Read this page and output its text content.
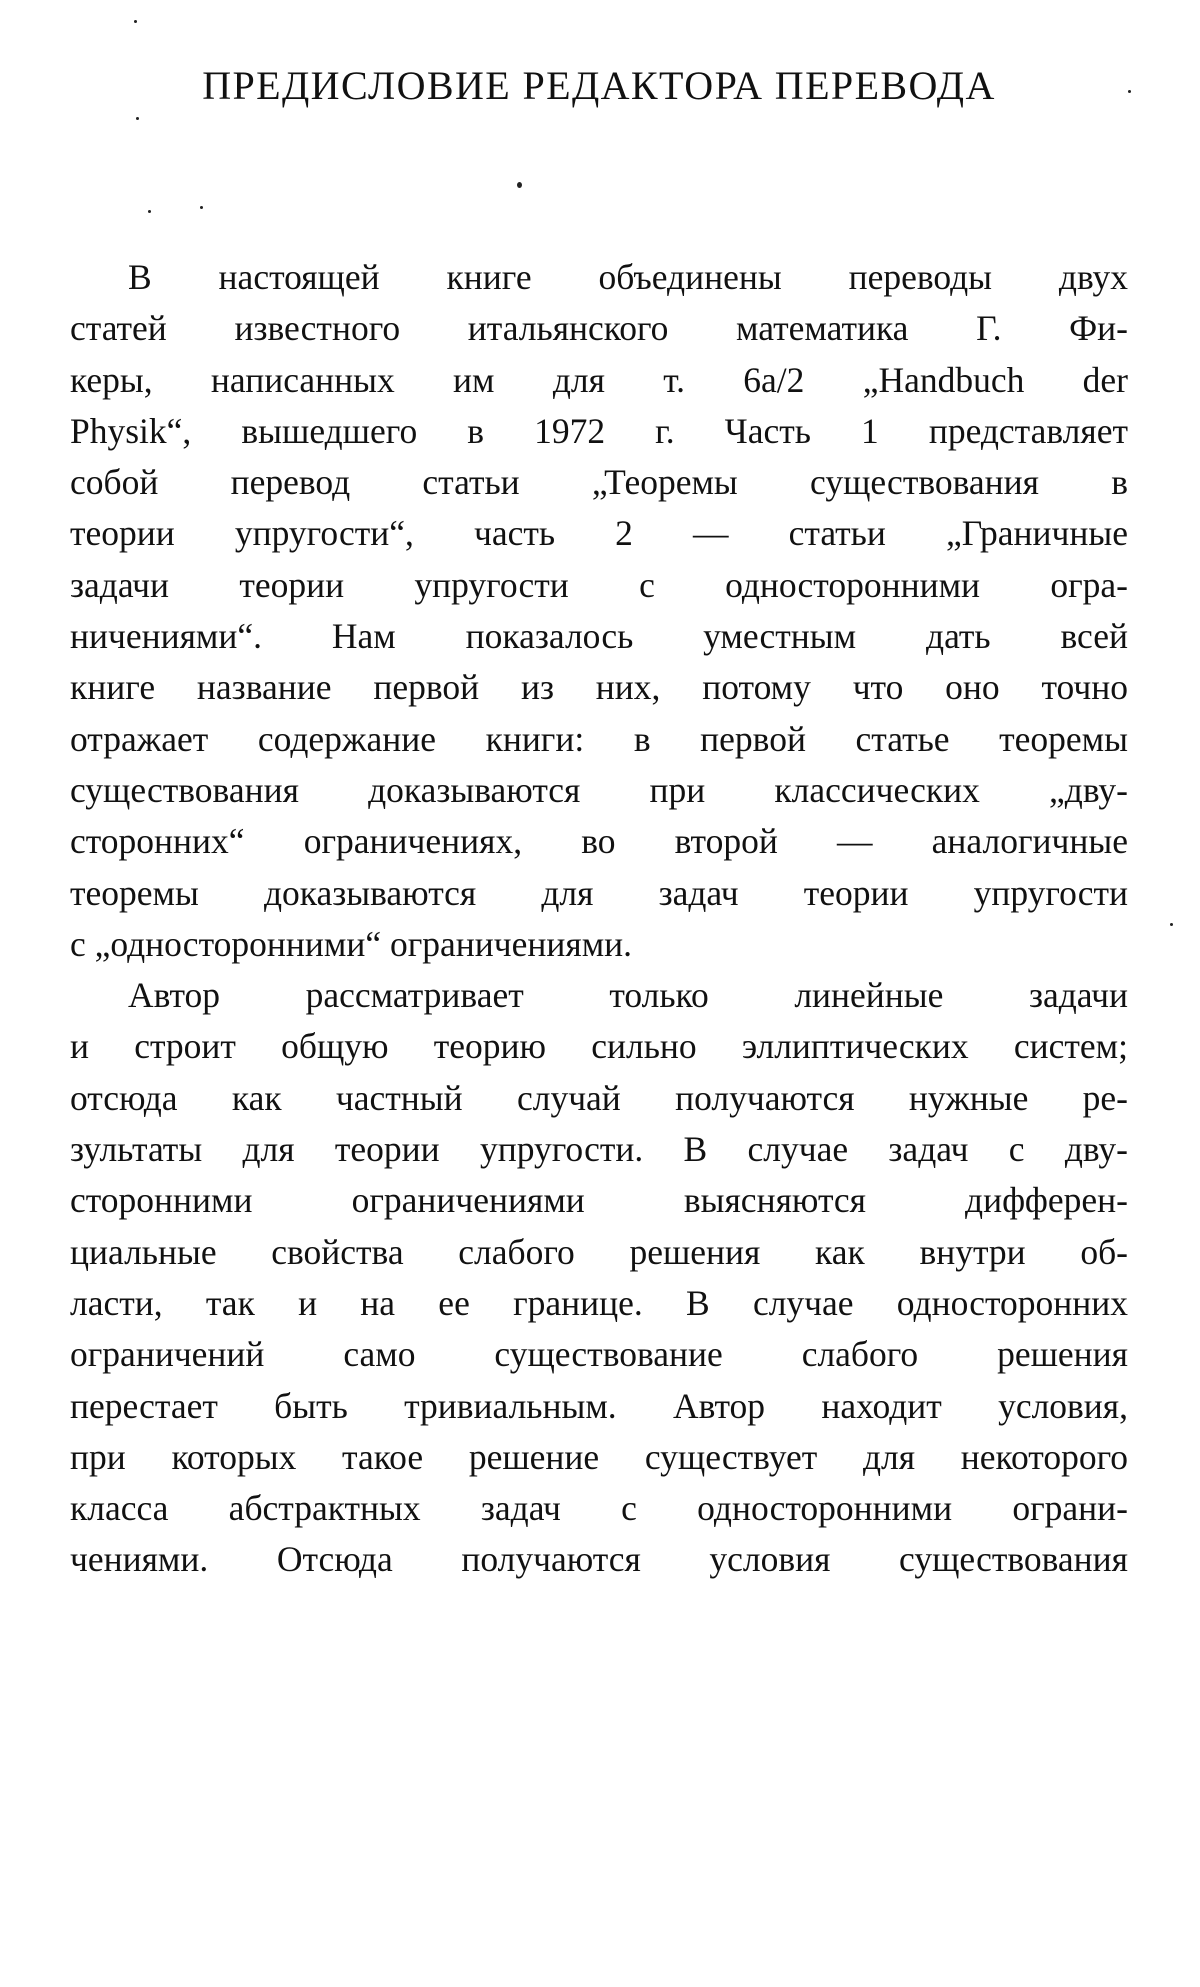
ПРЕДИСЛОВИЕ РЕДАКТОРА ПЕРЕВОДА
В настоящей книге объединены переводы двух
статей известного итальянского математика Г. Фи-
керы, написанных им для т. 6a/2 „Handbuch der
Physik“, вышедшего в 1972 г. Часть 1 представляет
собой перевод статьи „Теоремы существования в
теории упругости“, часть 2 — статьи „Граничные
задачи теории упругости с односторонними огра-
ничениями“. Нам показалось уместным дать всей
книге название первой из них, потому что оно точно
отражает содержание книги: в первой статье теоремы
существования доказываются при классических „дву-
сторонних“ ограничениях, во второй — аналогичные
теоремы доказываются для задач теории упругости
с „односторонними“ ограничениями.
Автор рассматривает только линейные задачи
и строит общую теорию сильно эллиптических систем;
отсюда как частный случай получаются нужные ре-
зультаты для теории упругости. В случае задач с дву-
сторонними ограничениями выясняются дифферен-
циальные свойства слабого решения как внутри об-
ласти, так и на ее границе. В случае односторонних
ограничений само существование слабого решения
перестает быть тривиальным. Автор находит условия,
при которых такое решение существует для некоторого
класса абстрактных задач с односторонними ограни-
чениями. Отсюда получаются условия существования
